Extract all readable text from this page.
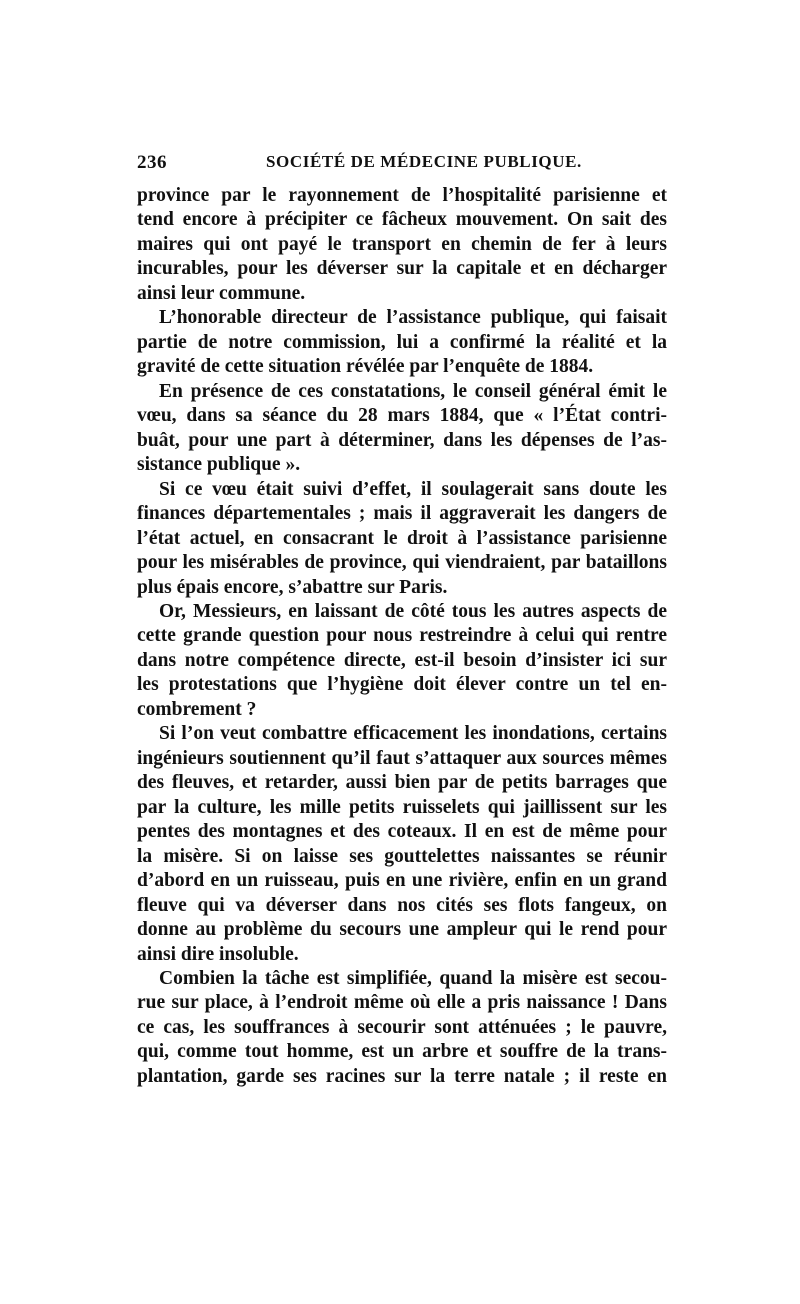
236	SOCIÉTÉ DE MÉDECINE PUBLIQUE.
province par le rayonnement de l’hospitalité parisienne et
tend encore à précipiter ce fâcheux mouvement. On sait des
maires qui ont payé le transport en chemin de fer à leurs
incurables, pour les déverser sur la capitale et en décharger
ainsi leur commune.
L’honorable directeur de l’assistance publique, qui faisait
partie de notre commission, lui a confirmé la réalité et la
gravité de cette situation révélée par l’enquête de 1884.
En présence de ces constatations, le conseil général émit le
vœu, dans sa séance du 28 mars 1884, que « l’État contri-
buât, pour une part à déterminer, dans les dépenses de l’as-
sistance publique ».
Si ce vœu était suivi d’effet, il soulagerait sans doute les
finances départementales ; mais il aggraverait les dangers de
l’état actuel, en consacrant le droit à l’assistance parisienne
pour les misérables de province, qui viendraient, par bataillons
plus épais encore, s’abattre sur Paris.
Or, Messieurs, en laissant de côté tous les autres aspects de
cette grande question pour nous restreindre à celui qui rentre
dans notre compétence directe, est-il besoin d’insister ici sur
les protestations que l’hygiène doit élever contre un tel en-
combrement ?
Si l’on veut combattre efficacement les inondations, certains
ingénieurs soutiennent qu’il faut s’attaquer aux sources mêmes
des fleuves, et retarder, aussi bien par de petits barrages que
par la culture, les mille petits ruisselets qui jaillissent sur les
pentes des montagnes et des coteaux. Il en est de même pour
la misère. Si on laisse ses gouttelettes naissantes se réunir
d’abord en un ruisseau, puis en une rivière, enfin en un grand
fleuve qui va déverser dans nos cités ses flots fangeux, on
donne au problème du secours une ampleur qui le rend pour
ainsi dire insoluble.
Combien la tâche est simplifiée, quand la misère est secou-
rue sur place, à l’endroit même où elle a pris naissance ! Dans
ce cas, les souffrances à secourir sont atténuées ; le pauvre,
qui, comme tout homme, est un arbre et souffre de la trans-
plantation, garde ses racines sur la terre natale ; il reste en
